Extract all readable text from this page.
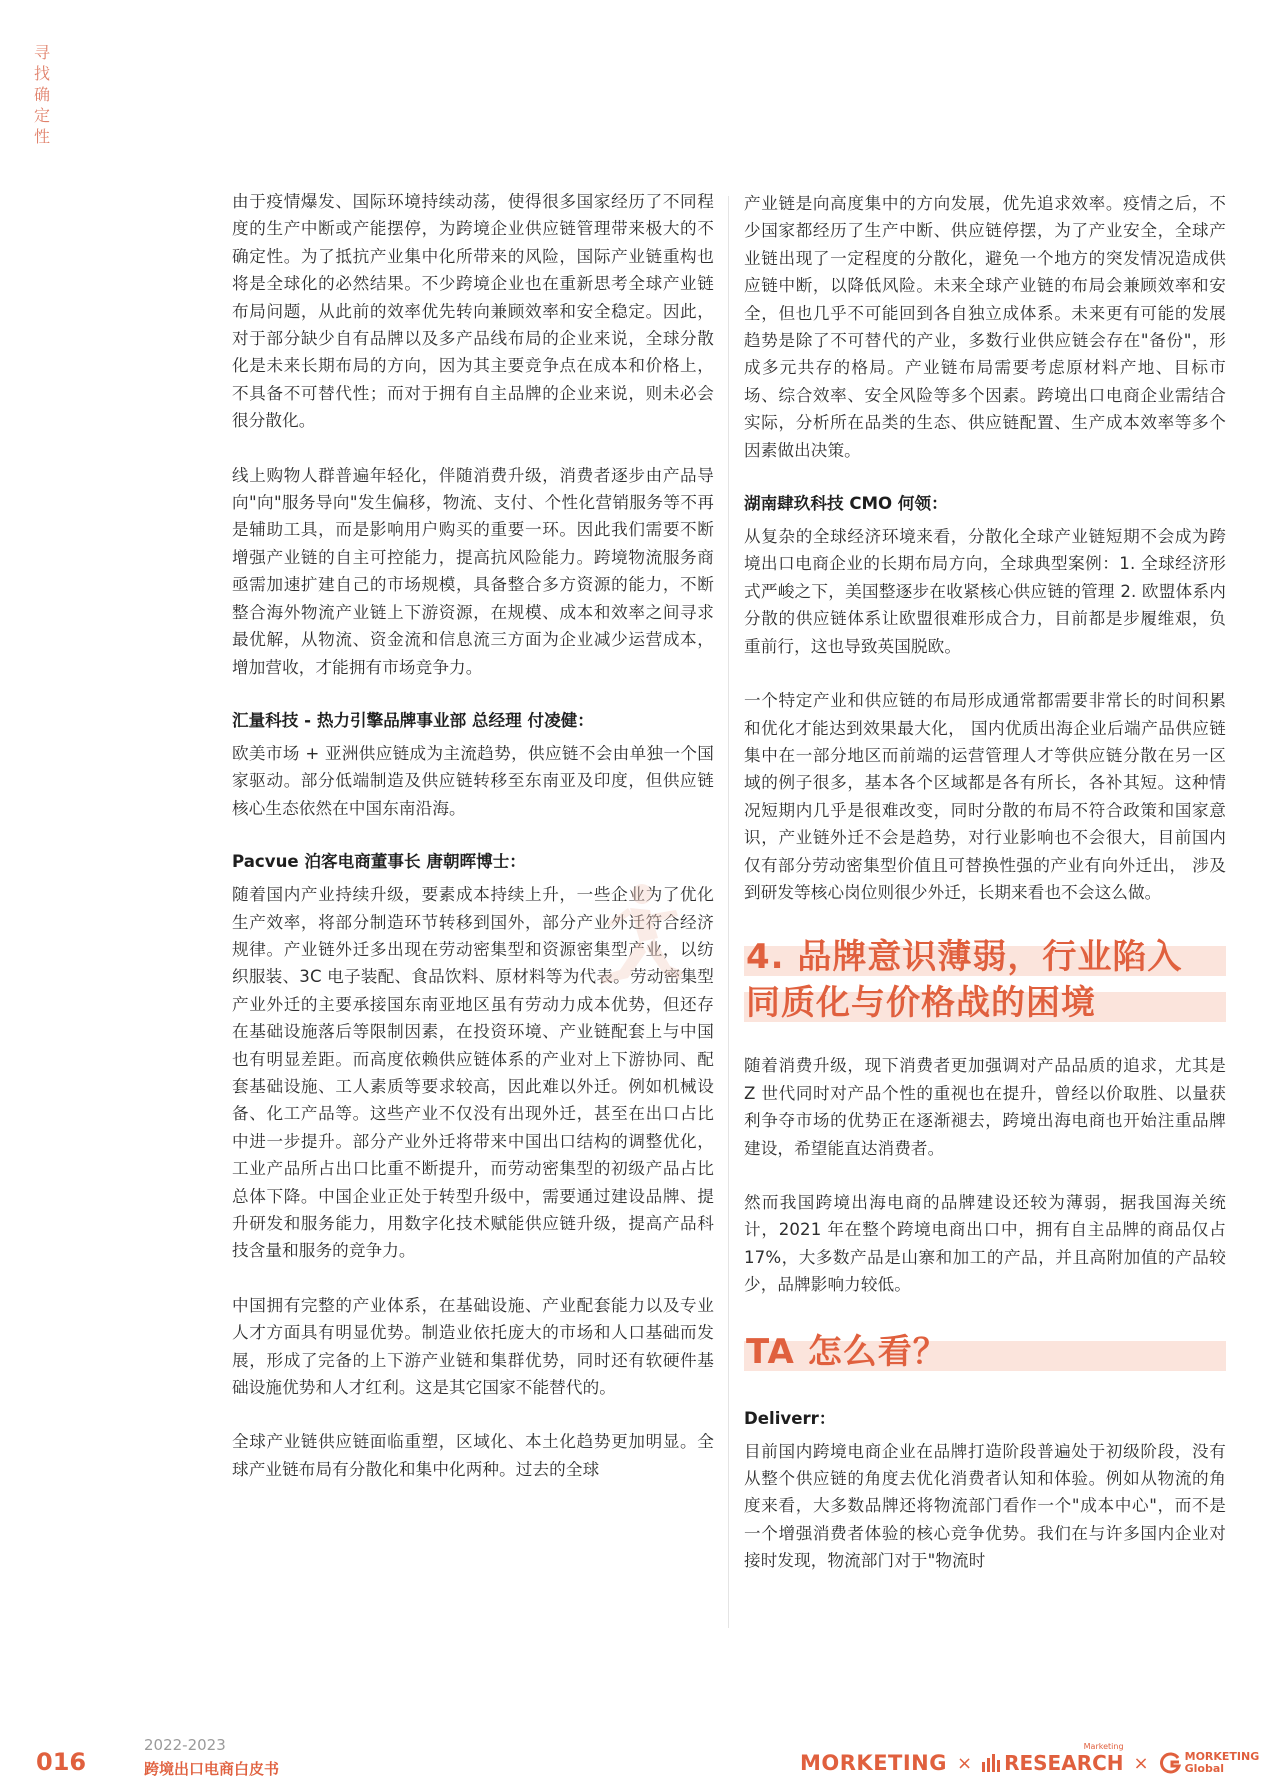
寻
找
确
定
性

由于疫情爆发、国际环境持续动荡，使得很多国家经历了不同程度的生产中断或产能摆停，为跨境企业供应链管理带来极大的不确定性。为了抵抗产业集中化所带来的风险，国际产业链重构也将是全球化的必然结果。不少跨境企业也在重新思考全球产业链布局问题，从此前的效率优先转向兼顾效率和安全稳定。因此，对于部分缺少自有品牌以及多产品线布局的企业来说，全球分散化是未来长期布局的方向，因为其主要竞争点在成本和价格上，不具备不可替代性；而对于拥有自主品牌的企业来说，则未必会很分散化。

线上购物人群普遍年轻化，伴随消费升级，消费者逐步由产品导向"向"服务导向"发生偏移，物流、支付、个性化营销服务等不再是辅助工具，而是影响用户购买的重要一环。因此我们需要不断增强产业链的自主可控能力，提高抗风险能力。跨境物流服务商亟需加速扩建自己的市场规模，具备整合多方资源的能力，不断整合海外物流产业链上下游资源，在规模、成本和效率之间寻求最优解，从物流、资金流和信息流三方面为企业减少运营成本，增加营收，才能拥有市场竞争力。

汇量科技 - 热力引擎品牌事业部 总经理 付凌健：

欧美市场 + 亚洲供应链成为主流趋势，供应链不会由单独一个国家驱动。部分低端制造及供应链转移至东南亚及印度，但供应链核心生态依然在中国东南沿海。

Pacvue 泊客电商董事长 唐朝晖博士：

随着国内产业持续升级，要素成本持续上升，一些企业为了优化生产效率，将部分制造环节转移到国外，部分产业外迁符合经济规律。产业链外迁多出现在劳动密集型和资源密集型产业，以纺织服装、3C 电子装配、食品饮料、原材料等为代表。劳动密集型产业外迁的主要承接国东南亚地区虽有劳动力成本优势，但还存在基础设施落后等限制因素，在投资环境、产业链配套上与中国也有明显差距。而高度依赖供应链体系的产业对上下游协同、配套基础设施、工人素质等要求较高，因此难以外迁。例如机械设备、化工产品等。这些产业不仅没有出现外迁，甚至在出口占比中进一步提升。部分产业外迁将带来中国出口结构的调整优化，工业产品所占出口比重不断提升，而劳动密集型的初级产品占比总体下降。中国企业正处于转型升级中，需要通过建设品牌、提升研发和服务能力，用数字化技术赋能供应链升级，提高产品科技含量和服务的竞争力。

中国拥有完整的产业体系，在基础设施、产业配套能力以及专业人才方面具有明显优势。制造业依托庞大的市场和人口基础而发展，形成了完备的上下游产业链和集群优势，同时还有软硬件基础设施优势和人才红利。这是其它国家不能替代的。

全球产业链供应链面临重塑，区域化、本土化趋势更加明显。全球产业链布局有分散化和集中化两种。过去的全球

产业链是向高度集中的方向发展，优先追求效率。疫情之后，不少国家都经历了生产中断、供应链停摆，为了产业安全，全球产业链出现了一定程度的分散化，避免一个地方的突发情况造成供应链中断，以降低风险。未来全球产业链的布局会兼顾效率和安全，但也几乎不可能回到各自独立成体系。未来更有可能的发展趋势是除了不可替代的产业，多数行业供应链会存在"备份"，形成多元共存的格局。产业链布局需要考虑原材料产地、目标市场、综合效率、安全风险等多个因素。跨境出口电商企业需结合实际，分析所在品类的生态、供应链配置、生产成本效率等多个因素做出决策。

湖南肆玖科技 CMO 何领：

从复杂的全球经济环境来看，分散化全球产业链短期不会成为跨境出口电商企业的长期布局方向，全球典型案例：1. 全球经济形式严峻之下，美国整逐步在收紧核心供应链的管理 2. 欧盟体系内分散的供应链体系让欧盟很难形成合力，目前都是步履维艰，负重前行，这也导致英国脱欧。

一个特定产业和供应链的布局形成通常都需要非常长的时间积累和优化才能达到效果最大化， 国内优质出海企业后端产品供应链集中在一部分地区而前端的运营管理人才等供应链分散在另一区域的例子很多，基本各个区域都是各有所长，各补其短。这种情况短期内几乎是很难改变，同时分散的布局不符合政策和国家意识，产业链外迁不会是趋势，对行业影响也不会很大，目前国内仅有部分劳动密集型价值且可替换性强的产业有向外迁出， 涉及到研发等核心岗位则很少外迁，长期来看也不会这么做。

4. 品牌意识薄弱，行业陷入
同质化与价格战的困境

随着消费升级，现下消费者更加强调对产品品质的追求，尤其是 Z 世代同时对产品个性的重视也在提升，曾经以价取胜、以量获利争夺市场的优势正在逐渐褪去，跨境出海电商也开始注重品牌建设，希望能直达消费者。

然而我国跨境出海电商的品牌建设还较为薄弱，据我国海关统计，2021 年在整个跨境电商出口中，拥有自主品牌的商品仅占 17%，大多数产品是山寨和加工的产品，并且高附加值的产品较少，品牌影响力较低。

TA 怎么看？
Deliverr：

目前国内跨境电商企业在品牌打造阶段普遍处于初级阶段，没有从整个供应链的角度去优化消费者认知和体验。例如从物流的角度来看，大多数品牌还将物流部门看作一个"成本中心"，而不是一个增强消费者体验的核心竞争优势。我们在与许多国内企业对接时发现，物流部门对于"物流时

016
2022-2023
跨境出口电商白皮书	MORKETING ×	RESEARCH
Marketing
×	MORKETING
Global
